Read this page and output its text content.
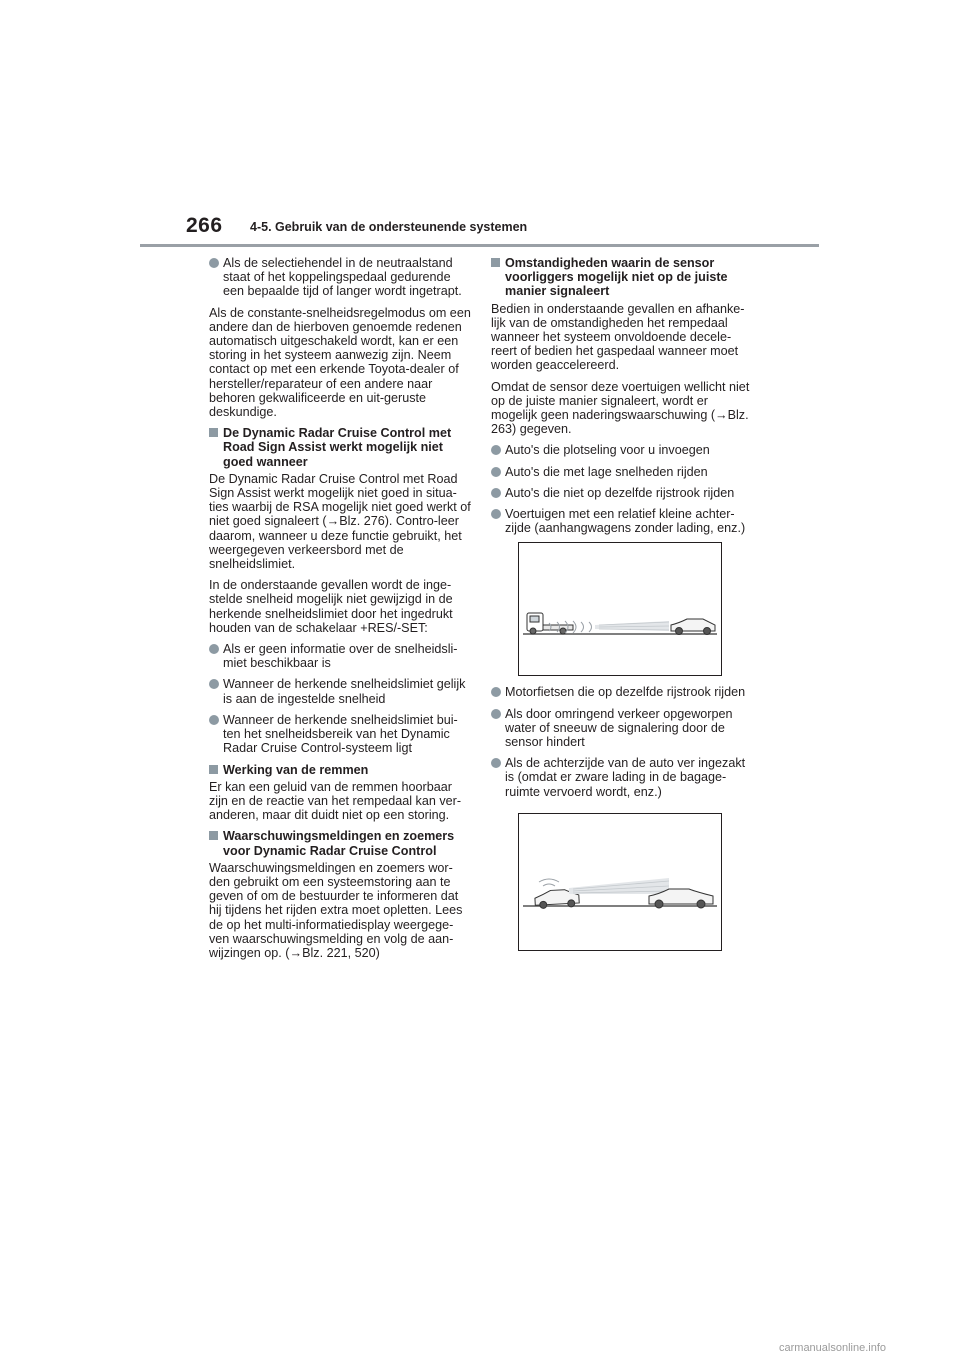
266 4-5. Gebruik van de ondersteunende systemen
Als de selectiehendel in de neutraalstand staat of het koppelingspedaal gedurende een bepaalde tijd of langer wordt ingetrapt.

Als de constante-snelheidsregelmodus om een andere dan de hierboven genoemde redenen automatisch uitgeschakeld wordt, kan er een storing in het systeem aanwezig zijn. Neem contact op met een erkende Toyota-dealer of hersteller/reparateur of een andere naar behoren gekwalificeerde en uit-geruste deskundige.

De Dynamic Radar Cruise Control met Road Sign Assist werkt mogelijk niet goed wanneer

De Dynamic Radar Cruise Control met Road Sign Assist werkt mogelijk niet goed in situa-ties waarbij de RSA mogelijk niet goed werkt of niet goed signaleert (→Blz. 276). Contro-leer daarom, wanneer u deze functie gebruikt, het weergegeven verkeersbord met de snelheidslimiet.

In de onderstaande gevallen wordt de inge-stelde snelheid mogelijk niet gewijzigd in de herkende snelheidslimiet door het ingedrukt houden van de schakelaar +RES/-SET:

Als er geen informatie over de snelheidsli-miet beschikbaar is
Wanneer de herkende snelheidslimiet gelijk is aan de ingestelde snelheid
Wanneer de herkende snelheidslimiet bui-ten het snelheidsbereik van het Dynamic Radar Cruise Control-systeem ligt
Werking van de remmen

Er kan een geluid van de remmen hoorbaar zijn en de reactie van het rempedaal kan ver-anderen, maar dit duidt niet op een storing.

Waarschuwingsmeldingen en zoemers voor Dynamic Radar Cruise Control

Waarschuwingsmeldingen en zoemers wor-den gebruikt om een systeemstoring aan te geven of om de bestuurder te informeren dat hij tijdens het rijden extra moet opletten. Lees de op het multi-informatiedisplay weergege-ven waarschuwingsmelding en volg de aan-wijzingen op. (→Blz. 221, 520)

Omstandigheden waarin de sensor voorliggers mogelijk niet op de juiste manier signaleert

Bedien in onderstaande gevallen en afhanke-lijk van de omstandigheden het rempedaal wanneer het systeem onvoldoende decele-reert of bedien het gaspedaal wanneer moet worden geaccelereerd.

Omdat de sensor deze voertuigen wellicht niet op de juiste manier signaleert, wordt er mogelijk geen naderingswaarschuwing (→Blz. 263) gegeven.

Auto's die plotseling voor u invoegen
Auto's die met lage snelheden rijden
Auto's die niet op dezelfde rijstrook rijden
Voertuigen met een relatief kleine achter-zijde (aanhangwagens zonder lading, enz.)
Motorfietsen die op dezelfde rijstrook rijden
Als door omringend verkeer opgeworpen water of sneeuw de signalering door de sensor hindert
Als de achterzijde van de auto ver ingezakt is (omdat er zware lading in de bagage-ruimte vervoerd wordt, enz.)
carmanualsonline.info
